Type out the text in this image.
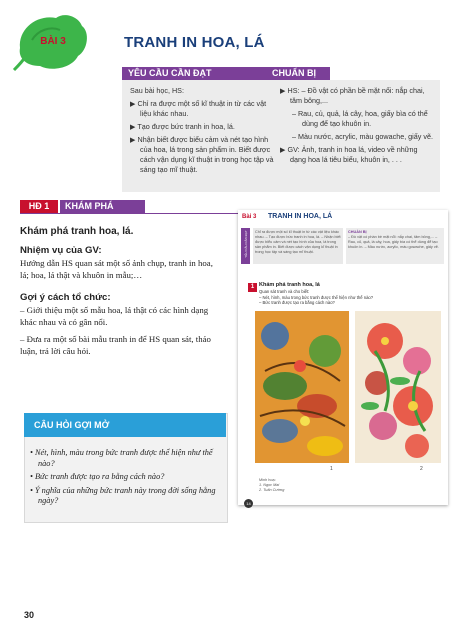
BÀI 3	TRANH IN HOA, LÁ
YÊU CẦU CẦN ĐẠT	CHUẨN BỊ

Sau bài học, HS:

▶ Chỉ ra được một số kĩ thuật in từ các vật liệu khác nhau.

▶ Tạo được bức tranh in hoa, lá.

▶ Nhận biết được biểu cảm và nét tạo hình của hoa, lá trong sản phẩm in. Biết được cách vận dụng kĩ thuật in trong học tập và sáng tạo mĩ thuật.

▶ HS: – Đồ vật có phần bề mặt nổi: nắp chai, tăm bông,...

– Rau, củ, quả, lá cây, hoa, giấy bìa có thể dùng để tạo khuôn in.

– Màu nước, acrylic, màu gowache, giấy vẽ.

▶ GV: Ảnh, tranh in hoa lá, video về những dạng hoa lá tiêu biểu, khuôn in, . . .

HĐ 1	KHÁM PHÁ
Khám phá tranh hoa, lá.
Nhiệm vụ của GV:
Hướng dẫn HS quan sát một số ảnh chụp, tranh in hoa, lá; hoa, lá thật và khuôn in mẫu;…
Gợi ý cách tổ chức:
– Giới thiệu một số mẫu hoa, lá thật có các hình dạng khác nhau và có gân nổi.
– Đưa ra một số bài mẫu tranh in để HS quan sát, thảo luận, trả lời câu hỏi.
CÂU HỎI GỢI MỞ

• Nét, hình, màu trong bức tranh được thể hiện như thế nào?

• Bức tranh được tạo ra bằng cách nào?

• Ý nghĩa của những bức tranh này trong đời sống hằng ngày?

Bài 3	TRANH IN HOA, LÁ
YÊU CẦU CẦN ĐẠT	Chỉ ra được một số kĩ thuật in từ các vật liệu khác nhau. – Tạo được bức tranh in hoa, lá. – Nhận biết được biểu cảm và nét tạo hình của hoa, lá trong sản phẩm in. Biết được cách vận dụng kĩ thuật in trong học tập và sáng tạo mĩ thuật.
CHUẨN BỊ
– Đồ vật có phần bề mặt nổi: nắp chai, tăm bông,... – Rau, củ, quả, lá cây, hoa, giấy bìa có thể dùng để tạo khuôn in. – Màu nước, acrylic, màu gowache, giấy vẽ.
1 Khám phá tranh hoa, lá
Quan sát tranh và cho biết:
– Nét, hình, màu trong bức tranh được thể hiện như thế nào?
– Bức tranh được tạo ra bằng cách nào?
1	2
Minh hoạ:
1. Ngọc Mai
2. Tuấn Cường
14
30
